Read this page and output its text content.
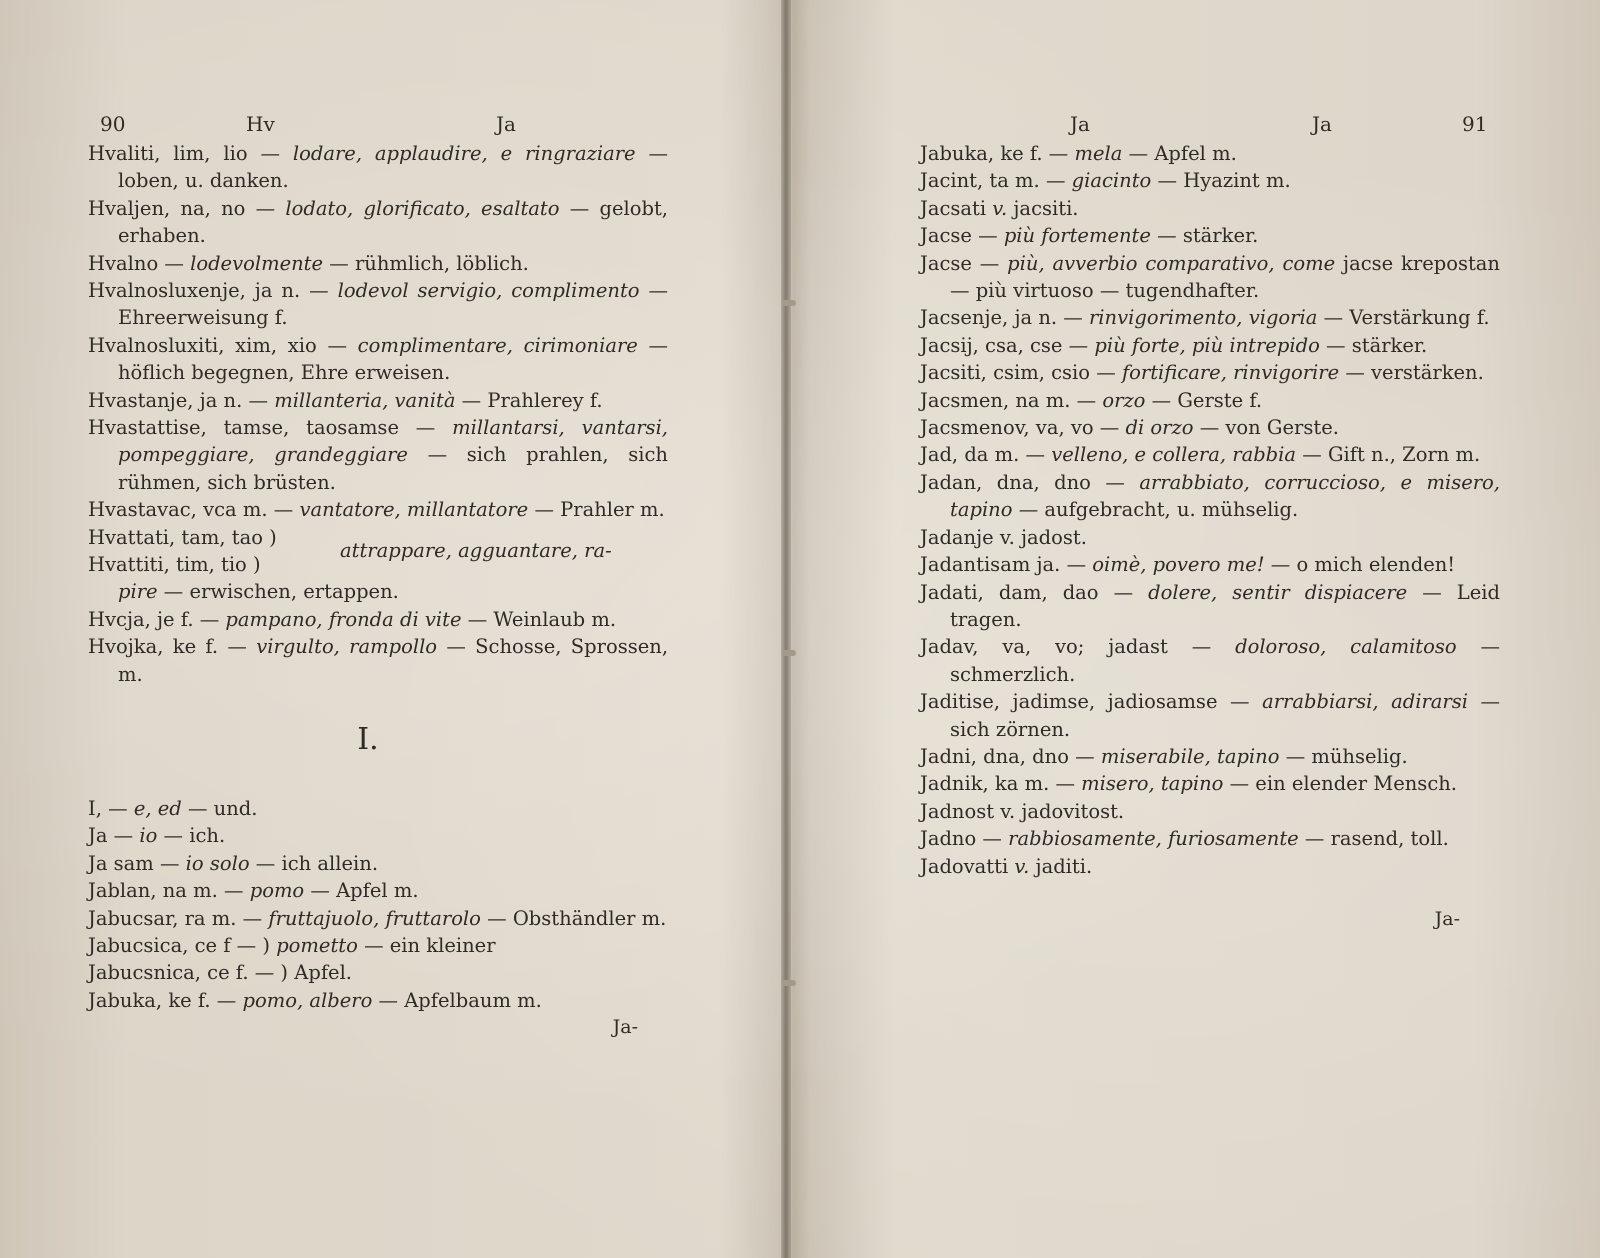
90	Hv	Ja

Hvaliti, lim, lio — lodare, applaudire, e ringraziare — loben, u. danken.

Hvaljen, na, no — lodato, glorificato, esaltato — gelobt, erhaben.

Hvalno — lodevolmente — rühmlich, löblich.

Hvalnosluxenje, ja n. — lodevol servigio, complimento — Ehreerweisung f.

Hvalnosluxiti, xim, xio — complimentare, cirimoniare — höflich begegnen, Ehre erweisen.

Hvastanje, ja n. — millanteria, vanità — Prahlerey f.

Hvastattise, tamse, taosamse — millantarsi, vantarsi, pompeggiare, grandeggiare — sich prahlen, sich rühmen, sich brüsten.

Hvastavac, vca m. — vantatore, millantatore — Prahler m.

Hvattati, tam, tao )
Hvattiti, tim, tio )
attrappare, agguantare, ra-
pire — erwischen, ertappen.

Hvcja, je f. — pampano, fronda di vite — Weinlaub m.

Hvojka, ke f. — virgulto, rampollo — Schosse, Sprossen, m.

I.

I, — e, ed — und.

Ja — io — ich.

Ja sam — io solo — ich allein.

Jablan, na m. — pomo — Apfel m.

Jabucsar, ra m. — fruttajuolo, fruttarolo — Obsthändler m.

Jabucsica, ce f — ) pometto — ein kleiner

Jabucsnica, ce f. — ) Apfel.

Jabuka, ke f. — pomo, albero — Apfelbaum m.

Ja-
Ja	Ja	91

Jabuka, ke f. — mela — Apfel m.

Jacint, ta m. — giacinto — Hyazint m.

Jacsati v. jacsiti.

Jacse — più fortemente — stärker.

Jacse — più, avverbio comparativo, come jacse krepostan — più virtuoso — tugendhafter.

Jacsenje, ja n. — rinvigorimento, vigoria — Verstärkung f.

Jacsij, csa, cse — più forte, più intrepido — stärker.

Jacsiti, csim, csio — fortificare, rinvigorire — verstärken.

Jacsmen, na m. — orzo — Gerste f.

Jacsmenov, va, vo — di orzo — von Gerste.

Jad, da m. — velleno, e collera, rabbia — Gift n., Zorn m.

Jadan, dna, dno — arrabbiato, corruccioso, e misero, tapino — aufgebracht, u. mühselig.

Jadanje v. jadost.

Jadantisam ja. — oimè, povero me! — o mich elenden!

Jadati, dam, dao — dolere, sentir dispiacere — Leid tragen.

Jadav, va, vo; jadast — doloroso, calamitoso — schmerzlich.

Jaditise, jadimse, jadiosamse — arrabbiarsi, adirarsi — sich zörnen.

Jadni, dna, dno — miserabile, tapino — mühselig.

Jadnik, ka m. — misero, tapino — ein elender Mensch.

Jadnost v. jadovitost.

Jadno — rabbiosamente, furiosamente — rasend, toll.

Jadovatti v. jaditi.

Ja-
